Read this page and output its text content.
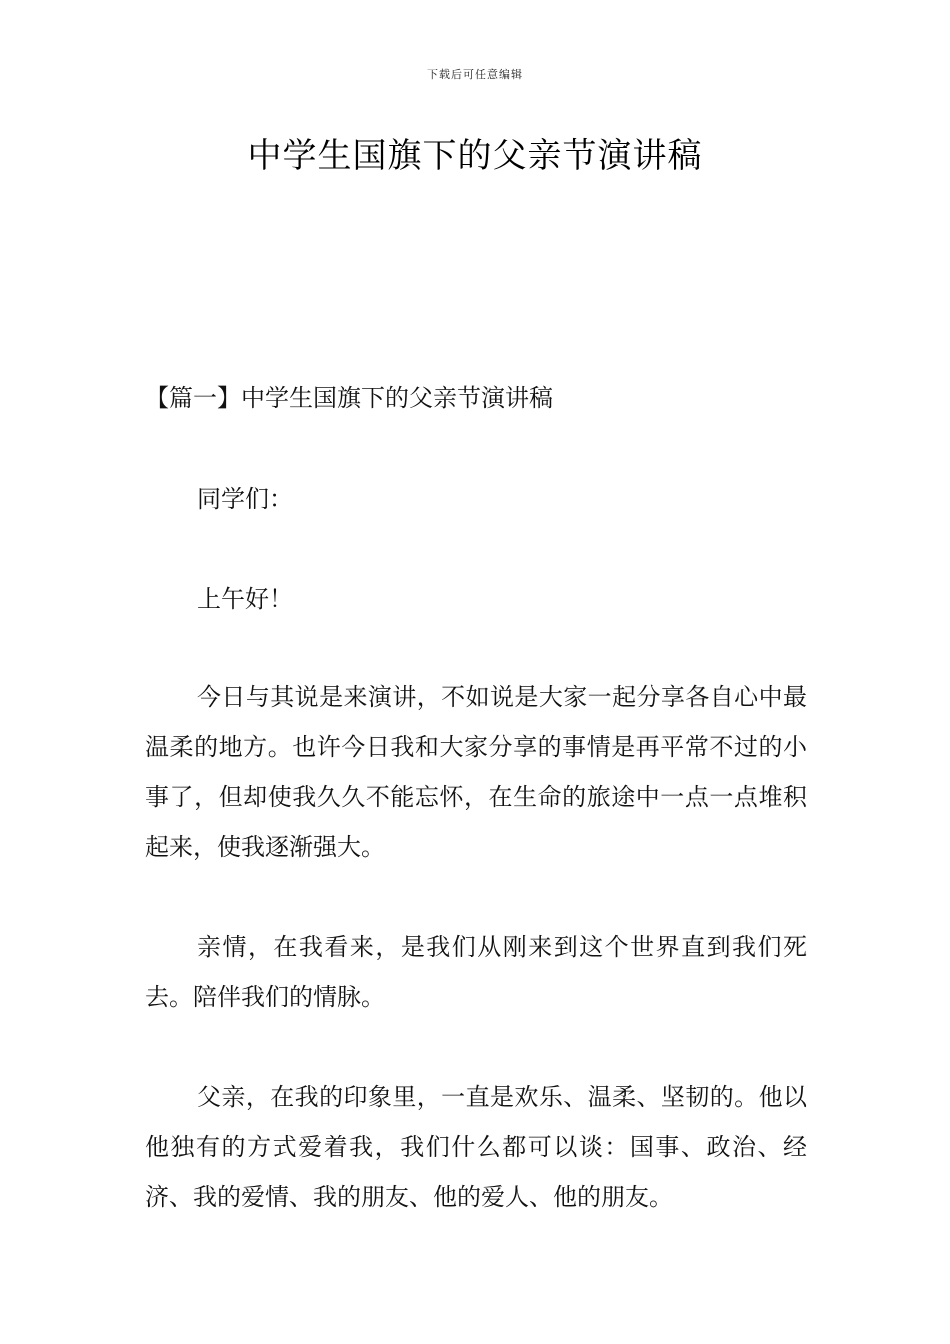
下载后可任意编辑
中学生国旗下的父亲节演讲稿
【篇一】中学生国旗下的父亲节演讲稿

同学们：

上午好！

今日与其说是来演讲，不如说是大家一起分享各自心中最温柔的地方。也许今日我和大家分享的事情是再平常不过的小事了，但却使我久久不能忘怀，在生命的旅途中一点一点堆积起来，使我逐渐强大。

亲情，在我看来，是我们从刚来到这个世界直到我们死去。陪伴我们的情脉。

父亲，在我的印象里，一直是欢乐、温柔、坚韧的。他以他独有的方式爱着我，我们什么都可以谈：国事、政治、经济、我的爱情、我的朋友、他的爱人、他的朋友。
